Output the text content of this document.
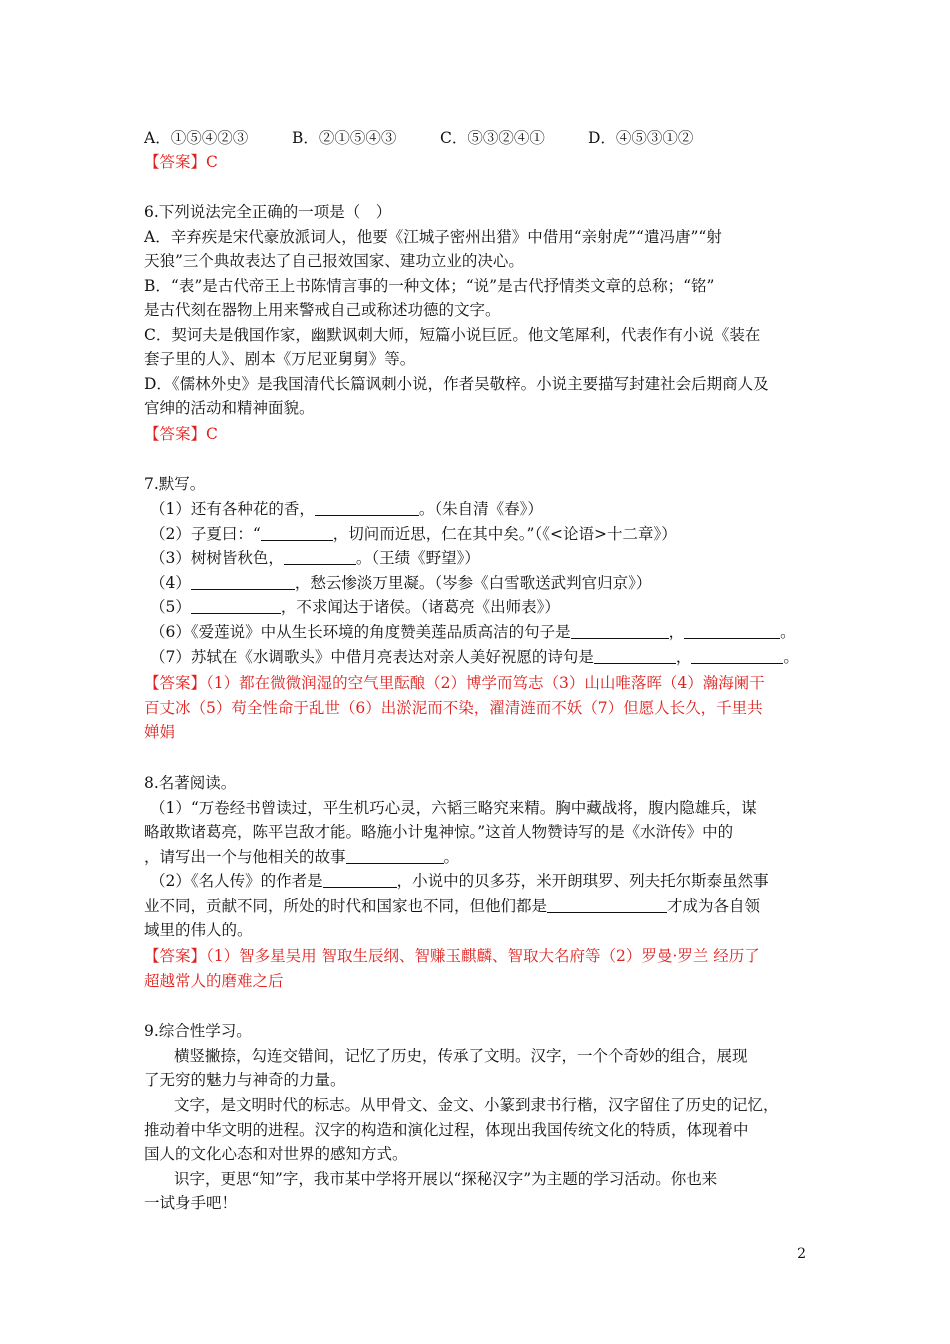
A．①⑤④②③	B．②①⑤④③	C．⑤③②④①	D．④⑤③①②
【答案】C
6.下列说法完全正确的一项是（　）
A．辛弃疾是宋代豪放派词人，他要《江城子密州出猎》中借用“亲射虎”“遣冯唐”“射
天狼”三个典故表达了自己报效国家、建功立业的决心。
B．“表”是古代帝王上书陈情言事的一种文体；“说”是古代抒情类文章的总称；“铭”
是古代刻在器物上用来警戒自己或称述功德的文字。
C．契诃夫是俄国作家，幽默讽刺大师，短篇小说巨匠。他文笔犀利，代表作有小说《装在
套子里的人》、剧本《万尼亚舅舅》等。
D．《儒林外史》是我国清代长篇讽刺小说，作者吴敬梓。小说主要描写封建社会后期商人及
官绅的活动和精神面貌。
【答案】C
7.默写。
（1）还有各种花的香，	。（朱自清《春》）
（2）子夏曰：“	，切问而近思，仁在其中矣。”（《<论语>十二章》）
（3）树树皆秋色，	。（王绩《野望》）
（4）	，愁云惨淡万里凝。（岑参《白雪歌送武判官归京》）
（5）	，不求闻达于诸侯。（诸葛亮《出师表》）
（6）《爱莲说》中从生长环境的角度赞美莲品质高洁的句子是	，	。
（7）苏轼在《水调歌头》中借月亮表达对亲人美好祝愿的诗句是	，	。
【答案】（1）都在微微润湿的空气里酝酿（2）博学而笃志（3）山山唯落晖（4）瀚海阑干
百丈冰（5）苟全性命于乱世（6）出淤泥而不染，濯清涟而不妖（7）但愿人长久，千里共
婵娟
8.名著阅读。
（1）“万卷经书曾读过，平生机巧心灵，六韬三略究来精。胸中藏战将，腹内隐雄兵，谋
略敢欺诸葛亮，陈平岂敌才能。略施小计鬼神惊。”这首人物赞诗写的是《水浒传》中的
，请写出一个与他相关的故事	。
（2）《名人传》的作者是	，小说中的贝多芬，米开朗琪罗、列夫托尔斯泰虽然事
业不同，贡献不同，所处的时代和国家也不同，但他们都是	才成为各自领
域里的伟人的。
【答案】（1）智多星吴用 智取生辰纲、智赚玉麒麟、智取大名府等（2）罗曼·罗兰 经历了
超越常人的磨难之后
9.综合性学习。
横竖撇捺，勾连交错间，记忆了历史，传承了文明。汉字，一个个奇妙的组合，展现
了无穷的魅力与神奇的力量。
文字，是文明时代的标志。从甲骨文、金文、小篆到隶书行楷，汉字留住了历史的记忆，
推动着中华文明的进程。汉字的构造和演化过程，体现出我国传统文化的特质，体现着中
国人的文化心态和对世界的感知方式。
识字，更思“知”字，我市某中学将开展以“探秘汉字”为主题的学习活动。你也来
一试身手吧！
2
